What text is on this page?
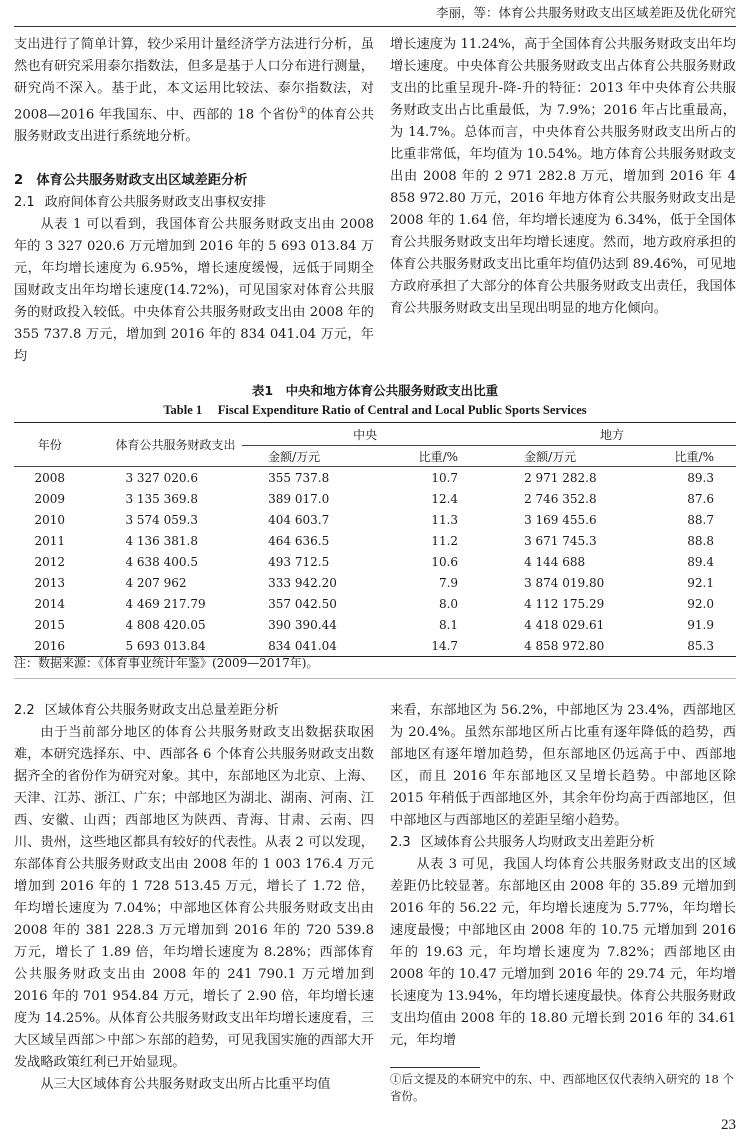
李丽，等：体育公共服务财政支出区域差距及优化研究

支出进行了简单计算，较少采用计量经济学方法进行分析，虽然也有研究采用泰尔指数法，但多是基于人口分布进行测量，研究尚不深入。基于此，本文运用比较法、泰尔指数法，对 2008—2016 年我国东、中、西部的 18 个省份①的体育公共服务财政支出进行系统地分析。

2　体育公共服务财政支出区域差距分析
2.1 政府间体育公共服务财政支出事权安排

从表 1 可以看到，我国体育公共服务财政支出由 2008 年的 3 327 020.6 万元增加到 2016 年的 5 693 013.84 万元，年均增长速度为 6.95%，增长速度缓慢，远低于同期全国财政支出年均增长速度(14.72%)，可见国家对体育公共服务的财政投入较低。中央体育公共服务财政支出由 2008 年的 355 737.8 万元，增加到 2016 年的 834 041.04 万元，年均

增长速度为 11.24%，高于全国体育公共服务财政支出年均增长速度。中央体育公共服务财政支出占体育公共服务财政支出的比重呈现升-降-升的特征：2013 年中央体育公共服务财政支出占比重最低，为 7.9%；2016 年占比重最高，为 14.7%。总体而言，中央体育公共服务财政支出所占的比重非常低，年均值为 10.54%。地方体育公共服务财政支出由 2008 年的 2 971 282.8 万元，增加到 2016 年 4 858 972.80 万元，2016 年地方体育公共服务财政支出是 2008 年的 1.64 倍，年均增长速度为 6.34%，低于全国体育公共服务财政支出年均增长速度。然而，地方政府承担的体育公共服务财政支出比重年均值仍达到 89.46%，可见地方政府承担了大部分的体育公共服务财政支出责任，我国体育公共服务财政支出呈现出明显的地方化倾向。

表1　中央和地方体育公共服务财政支出比重
Table 1　 Fiscal Expenditure Ratio of Central and Local Public Sports Services
年份	体育公共服务财政支出	中央		地方	
		金额/万元	比重/%	金额/万元	比重/%
2008	3 327 020.6	355 737.8	10.7	2 971 282.8	89.3
2009	3 135 369.8	389 017.0	12.4	2 746 352.8	87.6
2010	3 574 059.3	404 603.7	11.3	3 169 455.6	88.7
2011	4 136 381.8	464 636.5	11.2	3 671 745.3	88.8
2012	4 638 400.5	493 712.5	10.6	4 144 688	89.4
2013	4 207 962	333 942.20	7.9	3 874 019.80	92.1
2014	4 469 217.79	357 042.50	8.0	4 112 175.29	92.0
2015	4 808 420.05	390 390.44	8.1	4 418 029.61	91.9
2016	5 693 013.84	834 041.04	14.7	4 858 972.80	85.3
注：数据来源：《体育事业统计年鉴》(2009—2017年)。
2.2 区域体育公共服务财政支出总量差距分析

由于当前部分地区的体育公共服务财政支出数据获取困难，本研究选择东、中、西部各 6 个体育公共服务财政支出数据齐全的省份作为研究对象。其中，东部地区为北京、上海、天津、江苏、浙江、广东；中部地区为湖北、湖南、河南、江西、安徽、山西；西部地区为陕西、青海、甘肃、云南、四川、贵州，这些地区都具有较好的代表性。从表 2 可以发现，东部体育公共服务财政支出由 2008 年的 1 003 176.4 万元增加到 2016 年的 1 728 513.45 万元，增长了 1.72 倍，年均增长速度为 7.04%；中部地区体育公共服务财政支出由 2008 年的 381 228.3 万元增加到 2016 年的 720 539.8 万元，增长了 1.89 倍，年均增长速度为 8.28%；西部体育公共服务财政支出由 2008 年的 241 790.1 万元增加到 2016 年的 701 954.84 万元，增长了 2.90 倍，年均增长速度为 14.25%。从体育公共服务财政支出年均增长速度看，三大区域呈西部＞中部＞东部的趋势，可见我国实施的西部大开发战略政策红利已开始显现。

从三大区域体育公共服务财政支出所占比重平均值

来看，东部地区为 56.2%，中部地区为 23.4%，西部地区为 20.4%。虽然东部地区所占比重有逐年降低的趋势，西部地区有逐年增加趋势，但东部地区仍远高于中、西部地区，而且 2016 年东部地区又呈增长趋势。中部地区除 2015 年稍低于西部地区外，其余年份均高于西部地区，但中部地区与西部地区的差距呈缩小趋势。

2.3 区域体育公共服务人均财政支出差距分析

从表 3 可见，我国人均体育公共服务财政支出的区域差距仍比较显著。东部地区由 2008 年的 35.89 元增加到 2016 年的 56.22 元，年均增长速度为 5.77%，年均增长速度最慢；中部地区由 2008 年的 10.75 元增加到 2016 年的 19.63 元，年均增长速度为 7.82%；西部地区由 2008 年的 10.47 元增加到 2016 年的 29.74 元，年均增长速度为 13.94%，年均增长速度最快。体育公共服务财政支出均值由 2008 年的 18.80 元增长到 2016 年的 34.61 元，年均增

①后文提及的本研究中的东、中、西部地区仅代表纳入研究的 18 个省份。
23
